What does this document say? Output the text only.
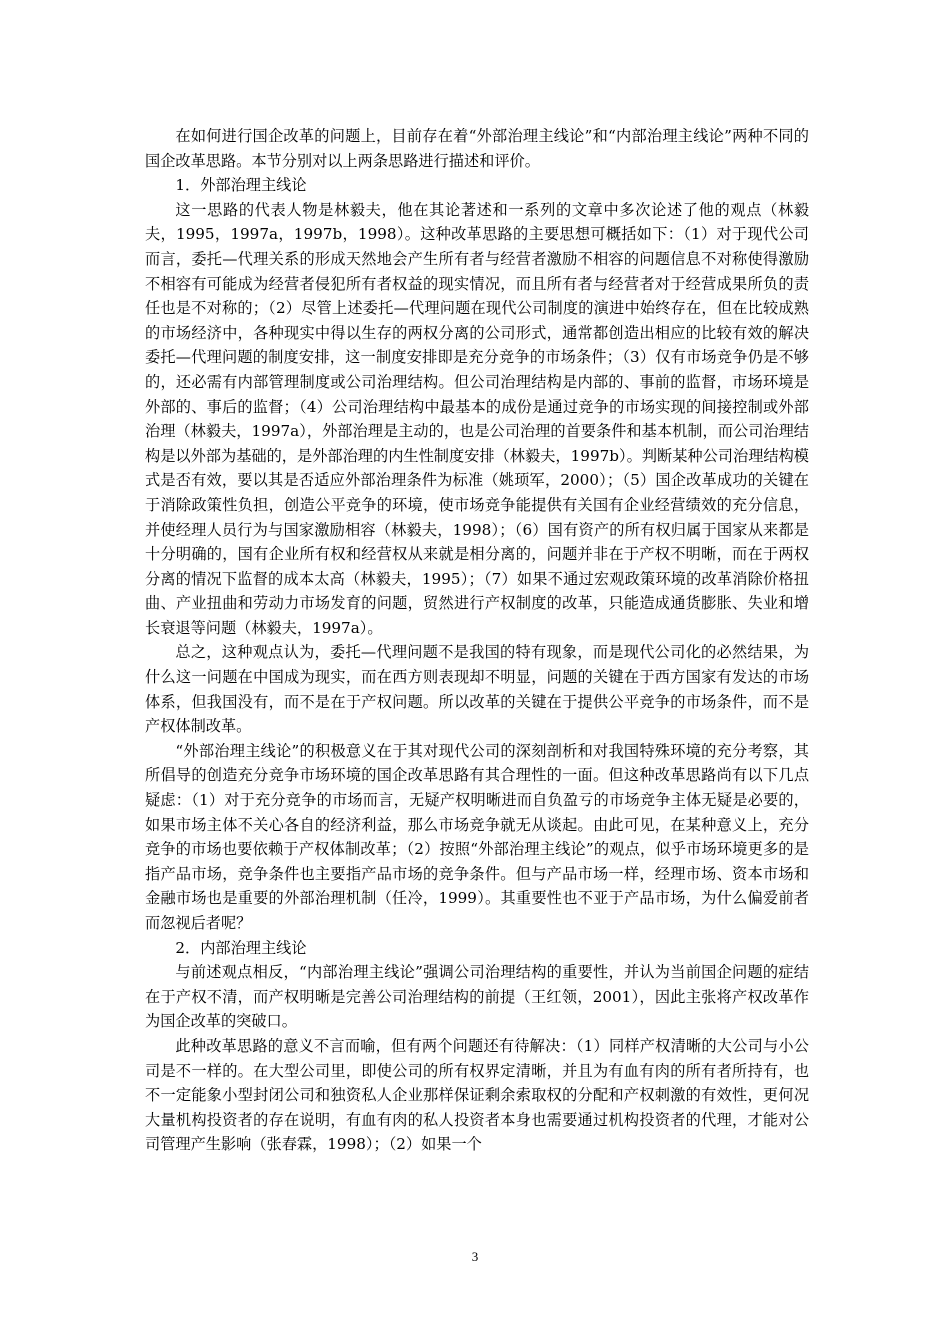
在如何进行国企改革的问题上，目前存在着“外部治理主线论”和“内部治理主线论”两种不同的国企改革思路。本节分别对以上两条思路进行描述和评价。

1．外部治理主线论

这一思路的代表人物是林毅夫，他在其论著述和一系列的文章中多次论述了他的观点（林毅夫，1995，1997a，1997b，1998）。这种改革思路的主要思想可概括如下：（1）对于现代公司而言，委托—代理关系的形成天然地会产生所有者与经营者激励不相容的问题信息不对称使得激励不相容有可能成为经营者侵犯所有者权益的现实情况，而且所有者与经营者对于经营成果所负的责任也是不对称的；（2）尽管上述委托—代理问题在现代公司制度的演进中始终存在，但在比较成熟的市场经济中，各种现实中得以生存的两权分离的公司形式，通常都创造出相应的比较有效的解决委托—代理问题的制度安排，这一制度安排即是充分竞争的市场条件；（3）仅有市场竞争仍是不够的，还必需有内部管理制度或公司治理结构。但公司治理结构是内部的、事前的监督，市场环境是外部的、事后的监督；（4）公司治理结构中最基本的成份是通过竞争的市场实现的间接控制或外部治理（林毅夫，1997a），外部治理是主动的，也是公司治理的首要条件和基本机制，而公司治理结构是以外部为基础的，是外部治理的内生性制度安排（林毅夫，1997b）。判断某种公司治理结构模式是否有效，要以其是否适应外部治理条件为标准（姚顼军，2000）；（5）国企改革成功的关键在于消除政策性负担，创造公平竞争的环境，使市场竞争能提供有关国有企业经营绩效的充分信息，并使经理人员行为与国家激励相容（林毅夫，1998）；（6）国有资产的所有权归属于国家从来都是十分明确的，国有企业所有权和经营权从来就是相分离的，问题并非在于产权不明晰，而在于两权分离的情况下监督的成本太高（林毅夫，1995）；（7）如果不通过宏观政策环境的改革消除价格扭曲、产业扭曲和劳动力市场发育的问题，贸然进行产权制度的改革，只能造成通货膨胀、失业和增长衰退等问题（林毅夫，1997a）。

总之，这种观点认为，委托—代理问题不是我国的特有现象，而是现代公司化的必然结果，为什么这一问题在中国成为现实，而在西方则表现却不明显，问题的关键在于西方国家有发达的市场体系，但我国没有，而不是在于产权问题。所以改革的关键在于提供公平竞争的市场条件，而不是产权体制改革。

“外部治理主线论”的积极意义在于其对现代公司的深刻剖析和对我国特殊环境的充分考察，其所倡导的创造充分竞争市场环境的国企改革思路有其合理性的一面。但这种改革思路尚有以下几点疑虑：（1）对于充分竞争的市场而言，无疑产权明晰进而自负盈亏的市场竞争主体无疑是必要的，如果市场主体不关心各自的经济利益，那么市场竞争就无从谈起。由此可见，在某种意义上，充分竞争的市场也要依赖于产权体制改革；（2）按照“外部治理主线论”的观点，似乎市场环境更多的是指产品市场，竞争条件也主要指产品市场的竞争条件。但与产品市场一样，经理市场、资本市场和金融市场也是重要的外部治理机制（任冷，1999）。其重要性也不亚于产品市场，为什么偏爱前者而忽视后者呢？

2．内部治理主线论

与前述观点相反，“内部治理主线论”强调公司治理结构的重要性，并认为当前国企问题的症结在于产权不清，而产权明晰是完善公司治理结构的前提（王红领，2001），因此主张将产权改革作为国企改革的突破口。

此种改革思路的意义不言而喻，但有两个问题还有待解决：（1）同样产权清晰的大公司与小公司是不一样的。在大型公司里，即使公司的所有权界定清晰，并且为有血有肉的所有者所持有，也不一定能象小型封闭公司和独资私人企业那样保证剩余索取权的分配和产权刺激的有效性，更何况大量机构投资者的存在说明，有血有肉的私人投资者本身也需要通过机构投资者的代理，才能对公司管理产生影响（张春霖，1998）；（2）如果一个

3
